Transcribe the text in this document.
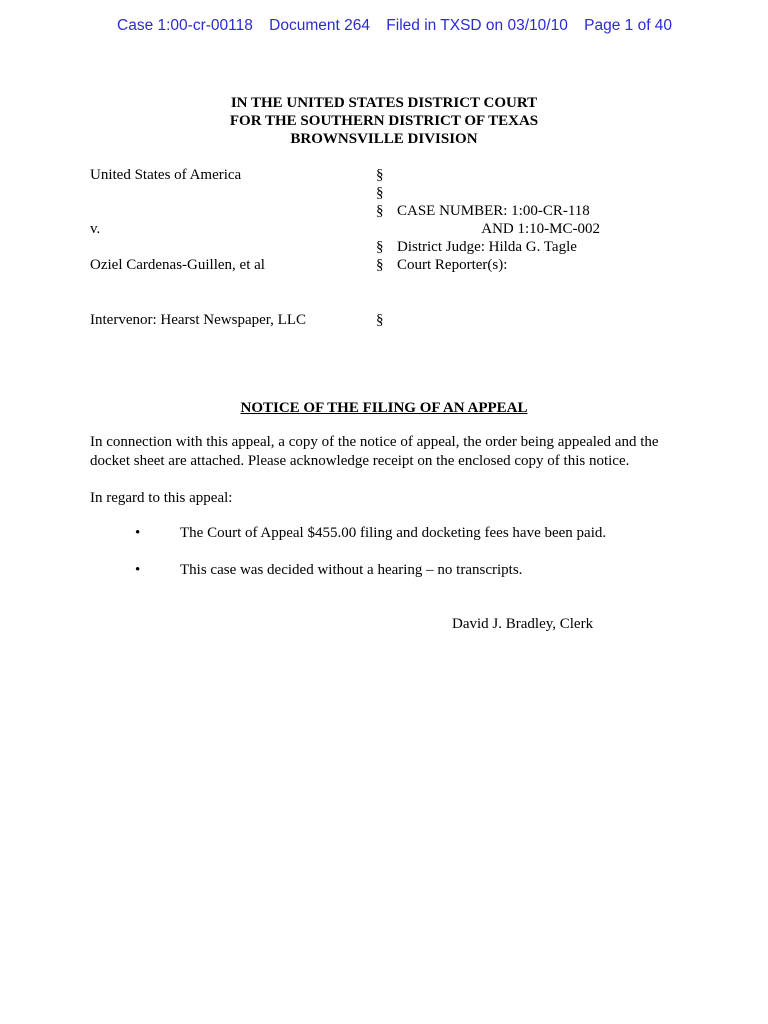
Case 1:00-cr-00118 Document 264 Filed in TXSD on 03/10/10 Page 1 of 40
IN THE UNITED STATES DISTRICT COURT
FOR THE SOUTHERN DISTRICT OF TEXAS
BROWNSVILLE DIVISION
United States of America
v.
Oziel Cardenas-Guillen, et al
Intervenor: Hearst Newspaper, LLC
§
§
§
§
§
§
CASE NUMBER: 1:00-CR-118
AND 1:10-MC-002
District Judge: Hilda G. Tagle
Court Reporter(s):
NOTICE OF THE FILING OF AN APPEAL
In connection with this appeal, a copy of the notice of appeal, the order being appealed and the docket sheet are attached. Please acknowledge receipt on the enclosed copy of this notice.
In regard to this appeal:
•	The Court of Appeal $455.00 filing and docketing fees have been paid.
•	This case was decided without a hearing – no transcripts.
David J. Bradley, Clerk
